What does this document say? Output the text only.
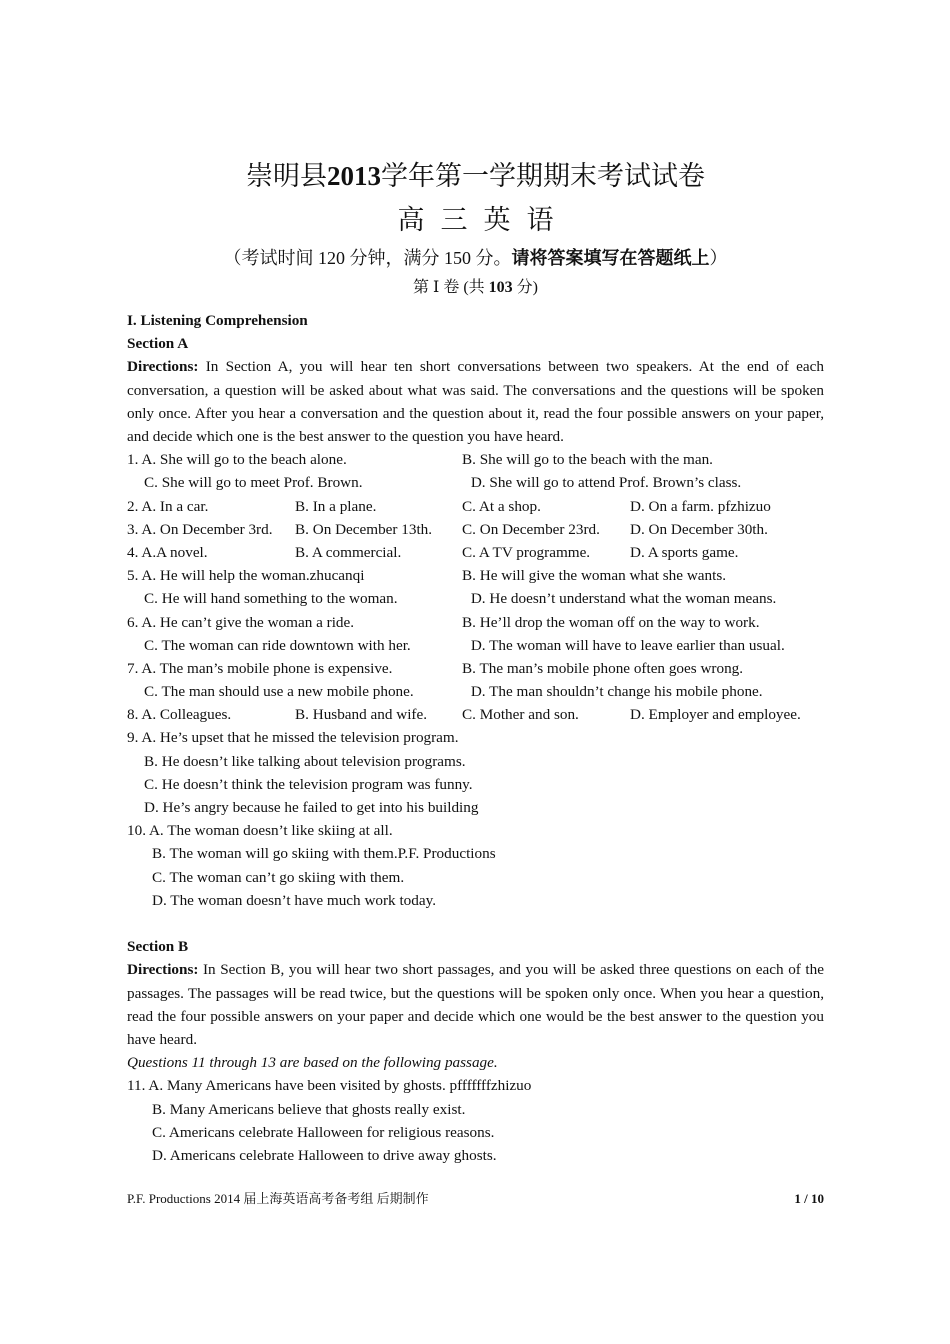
崇明县2013学年第一学期期末考试试卷
高三英语
（考试时间 120 分钟，满分 150 分。请将答案填写在答题纸上）
第 Ⅰ 卷 (共 103 分)
I. Listening Comprehension
Section A
Directions: In Section A, you will hear ten short conversations between two speakers. At the end of each conversation, a question will be asked about what was said. The conversations and the questions will be spoken only once. After you hear a conversation and the question about it, read the four possible answers on your paper, and decide which one is the best answer to the question you have heard.
1. A. She will go to the beach alone.	B. She will go to the beach with the man.
C. She will go to meet Prof. Brown.	D. She will go to attend Prof. Brown’s class.
2. A. In a car.	B. In a plane.	C. At a shop.	D. On a farm. pfzhizuo
3. A. On December 3rd.	B. On December 13th.	C. On December 23rd.	D. On December 30th.
4. A.A novel.	B. A commercial.	C. A TV programme.	D. A sports game.
5. A. He will help the woman.zhucanqi	B. He will give the woman what she wants.
C. He will hand something to the woman.	D. He doesn’t understand what the woman means.
6. A. He can’t give the woman a ride.	B. He’ll drop the woman off on the way to work.
C. The woman can ride downtown with her.	D. The woman will have to leave earlier than usual.
7. A. The man’s mobile phone is expensive.	B. The man’s mobile phone often goes wrong.
C. The man should use a new mobile phone.	D. The man shouldn’t change his mobile phone.
8. A. Colleagues.	B. Husband and wife.	C. Mother and son.	D. Employer and employee.
9. A. He’s upset that he missed the television program.
B. He doesn’t like talking about television programs.
C. He doesn’t think the television program was funny.
D. He’s angry because he failed to get into his building
10. A. The woman doesn’t like skiing at all.
B. The woman will go skiing with them.P.F. Productions
C. The woman can’t go skiing with them.
D. The woman doesn’t have much work today.
Section B
Directions: In Section B, you will hear two short passages, and you will be asked three questions on each of the passages. The passages will be read twice, but the questions will be spoken only once. When you hear a question, read the four possible answers on your paper and decide which one would be the best answer to the question you have heard.
Questions 11 through 13 are based on the following passage.
11. A. Many Americans have been visited by ghosts. pfffffffzhizuo
B. Many Americans believe that ghosts really exist.
C. Americans celebrate Halloween for religious reasons.
D. Americans celebrate Halloween to drive away ghosts.
P.F. Productions 2014 届上海英语高考备考组 后期制作	1 / 10
